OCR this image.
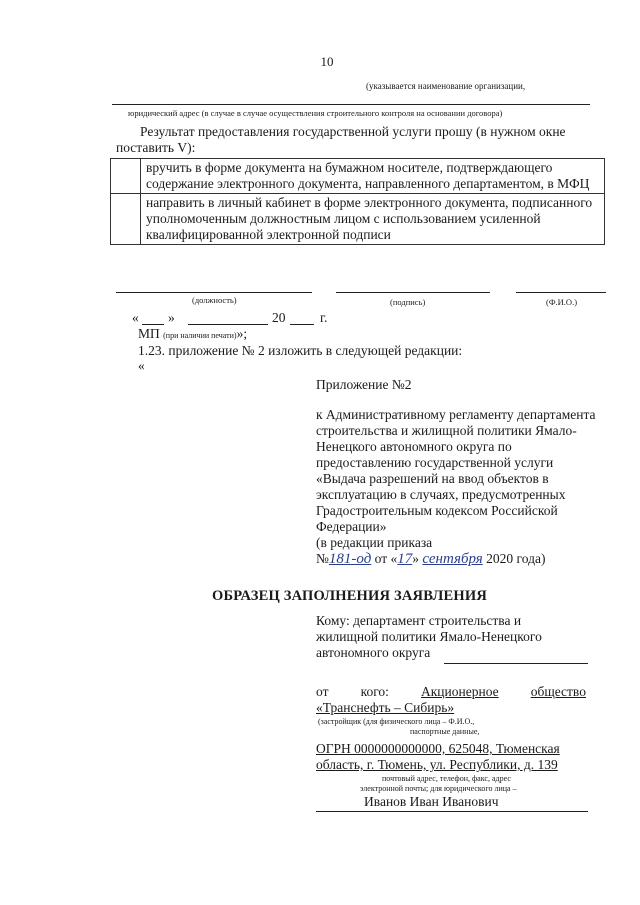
10
(указывается наименование организации,
юридический адрес (в случае в случае осуществления строительного контроля на основании договора)
Результат предоставления государственной услуги прошу (в нужном окне поставить V):
	вручить в форме документа на бумажном носителе, подтверждающего содержание электронного документа, направленного департаментом, в МФЦ
	направить в личный кабинет в форме электронного документа, подписанного уполномоченным должностным лицом с использованием усиленной квалифицированной электронной подписи
(должность)	(подпись)	(Ф.И.О.)
« »	20	г.
МП (при наличии печати)»;
1.23. приложение № 2 изложить в следующей редакции:
«
Приложение №2
к Административному регламенту департамента строительства и жилищной политики Ямало-Ненецкого автономного округа по предоставлению государственной услуги «Выдача разрешений на ввод объектов в эксплуатацию в случаях, предусмотренных Градостроительным кодексом Российской Федерации»
(в редакции приказа
№181-од от «17» сентября 2020 года)
ОБРАЗЕЦ ЗАПОЛНЕНИЯ ЗАЯВЛЕНИЯ
Кому: департамент строительства и
жилищной политики Ямало-Ненецкого
автономного округа
от кого: Акционерное общество
«Транснефть – Сибирь»
(застройщик (для физического лица – Ф.И.О.,
паспортные данные,
ОГРН 0000000000000, 625048, Тюменская
область, г. Тюмень, ул. Республики, д. 139
почтовый адрес, телефон, факс, адрес
электронной почты; для юридического лица –
Иванов Иван Иванович
